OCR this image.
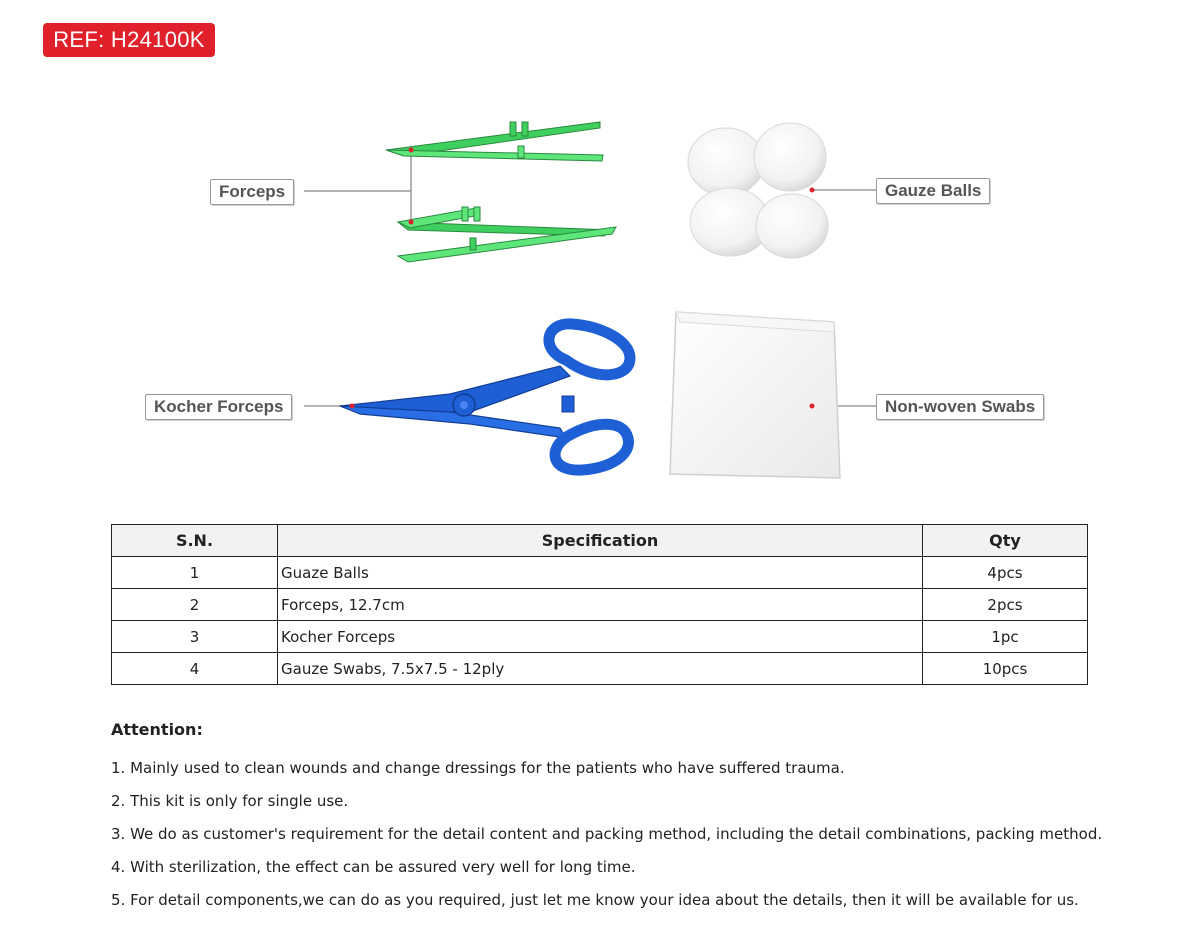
REF: H24100K
Forceps	Gauze Balls
Kocher Forceps	Non-woven Swabs
S.N.	Specification	Qty
1	Guaze Balls	4pcs
2	Forceps, 12.7cm	2pcs
3	Kocher Forceps	1pc
4	Gauze Swabs, 7.5x7.5 - 12ply	10pcs
Attention:
1. Mainly used to clean wounds and change dressings for the patients who have suffered trauma.
2. This kit is only for single use.
3. We do as customer's requirement for the detail content and packing method, including the detail combinations, packing method.
4. With sterilization, the effect can be assured very well for long time.
5. For detail components,we can do as you required, just let me know your idea about the details, then it will be available for us.
